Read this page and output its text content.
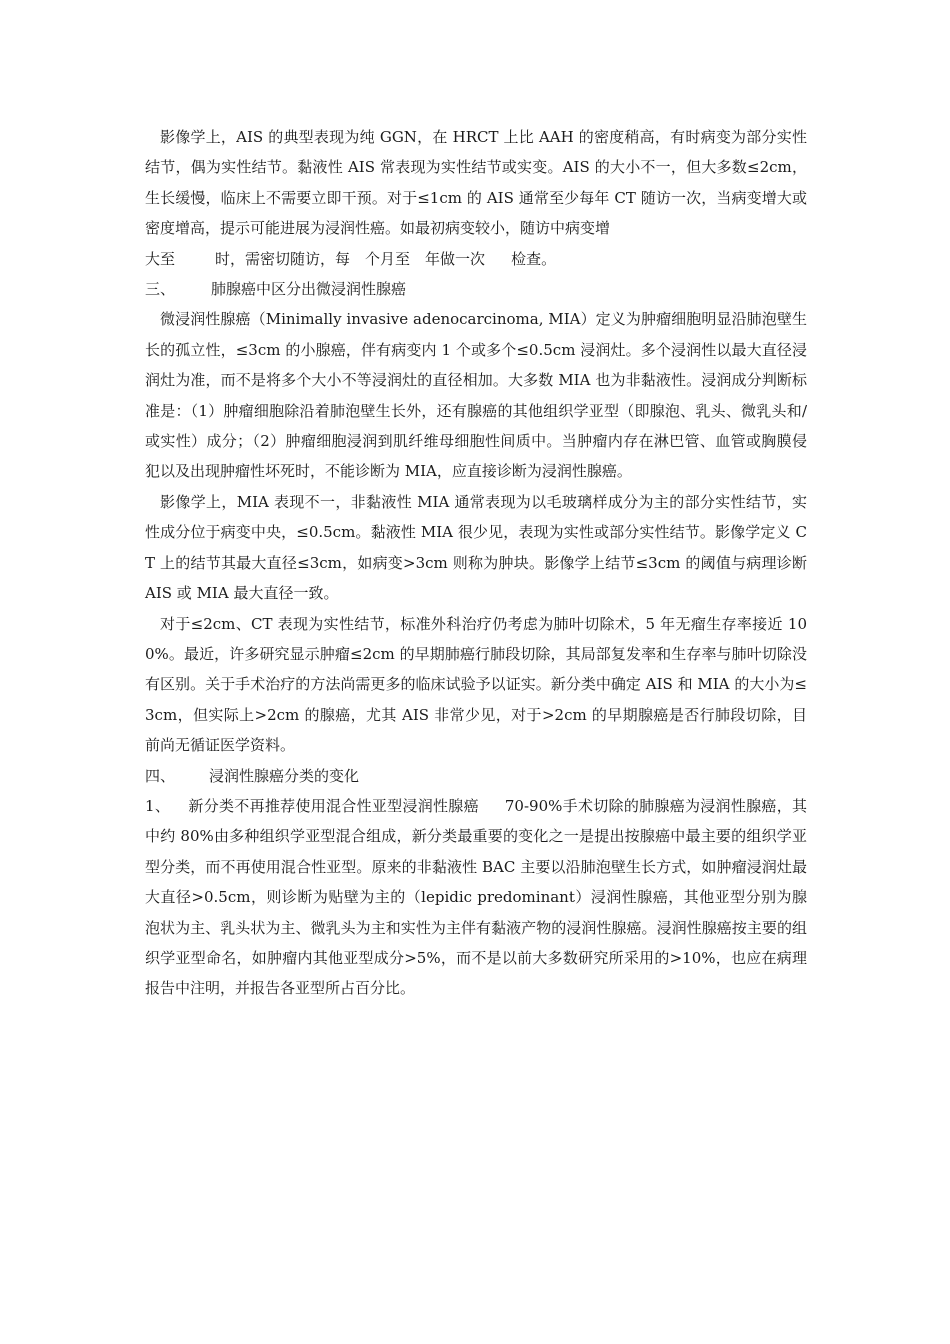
影像学上，AIS 的典型表现为纯 GGN，在 HRCT 上比 AAH 的密度稍高，有时病变为部分实性结节，偶为实性结节。黏液性 AIS 常表现为实性结节或实变。AIS 的大小不一，但大多数≤2cm，生长缓慢，临床上不需要立即干预。对于≤1cm 的 AIS 通常至少每年 CT 随访一次，当病变增大或密度增高，提示可能进展为浸润性癌。如最初病变较小，随访中病变增
大至	时，需密切随访，每 个月至 年做一次 检查。

三、 肺腺癌中区分出微浸润性腺癌

微浸润性腺癌（Minimally invasive adenocarcinoma, MIA）定义为肿瘤细胞明显沿肺泡壁生长的孤立性，≤3cm 的小腺癌，伴有病变内 1 个或多个≤0.5cm 浸润灶。多个浸润性以最大直径浸润灶为准，而不是将多个大小不等浸润灶的直径相加。大多数 MIA 也为非黏液性。浸润成分判断标准是：（1）肿瘤细胞除沿着肺泡壁生长外，还有腺癌的其他组织学亚型（即腺泡、乳头、微乳头和/或实性）成分；（2）肿瘤细胞浸润到肌纤维母细胞性间质中。当肿瘤内存在淋巴管、血管或胸膜侵犯以及出现肿瘤性坏死时，不能诊断为 MIA，应直接诊断为浸润性腺癌。

影像学上，MIA 表现不一，非黏液性 MIA 通常表现为以毛玻璃样成分为主的部分实性结节，实性成分位于病变中央，≤0.5cm。黏液性 MIA 很少见，表现为实性或部分实性结节。影像学定义 CT 上的结节其最大直径≤3cm，如病变>3cm 则称为肿块。影像学上结节≤3cm 的阈值与病理诊断 AIS 或 MIA 最大直径一致。

对于≤2cm、CT 表现为实性结节，标准外科治疗仍考虑为肺叶切除术，5 年无瘤生存率接近 100%。最近，许多研究显示肿瘤≤2cm 的早期肺癌行肺段切除，其局部复发率和生存率与肺叶切除没有区别。关于手术治疗的方法尚需更多的临床试验予以证实。新分类中确定 AIS 和 MIA 的大小为≤3cm，但实际上>2cm 的腺癌，尤其 AIS 非常少见，对于>2cm 的早期腺癌是否行肺段切除，目前尚无循证医学资料。

四、 浸润性腺癌分类的变化

1、 新分类不再推荐使用混合性亚型浸润性腺癌 70-90%手术切除的肺腺癌为浸润性腺癌，其中约 80%由多种组织学亚型混合组成，新分类最重要的变化之一是提出按腺癌中最主要的组织学亚型分类，而不再使用混合性亚型。原来的非黏液性 BAC 主要以沿肺泡壁生长方式，如肿瘤浸润灶最大直径>0.5cm，则诊断为贴壁为主的（lepidic predominant）浸润性腺癌，其他亚型分别为腺泡状为主、乳头状为主、微乳头为主和实性为主伴有黏液产物的浸润性腺癌。浸润性腺癌按主要的组织学亚型命名，如肿瘤内其他亚型成分>5%，而不是以前大多数研究所采用的>10%，也应在病理报告中注明，并报告各亚型所占百分比。
